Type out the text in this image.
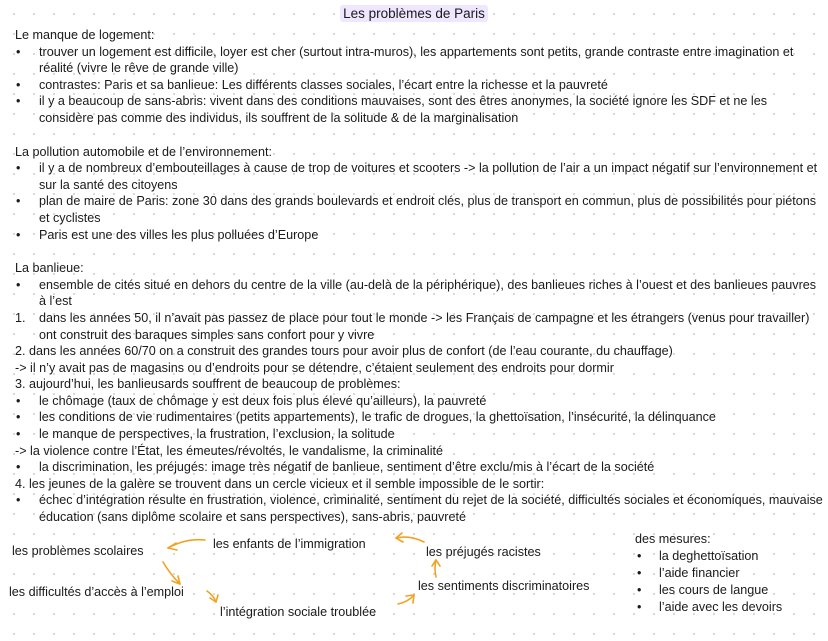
Les problèmes de Paris
Le manque de logement:
• trouver un logement est difficile, loyer est cher (surtout intra-muros), les appartements sont petits, grande contraste entre imagination et réalité (vivre le rêve de grande ville)
• contrastes: Paris et sa banlieue: Les différents classes sociales, l’écart entre la richesse et la pauvreté
• il y a beaucoup de sans-abris: vivent dans des conditions mauvaises, sont des êtres anonymes, la société ignore les SDF et ne les considère pas comme des individus, ils souffrent de la solitude & de la marginalisation
La pollution automobile et de l’environnement:
• il y a de nombreux d’embouteillages à cause de trop de voitures et scooters -> la pollution de l’air a un impact négatif sur l’environnement et sur la santé des citoyens
• plan de maire de Paris: zone 30 dans des grands boulevards et endroit clés, plus de transport en commun, plus de possibilités pour piétons et cyclistes
• Paris est une des villes les plus polluées d’Europe
La banlieue:
• ensemble de cités situé en dehors du centre de la ville (au-delà de la périphérique), des banlieues riches à l’ouest et des banlieues pauvres à l’est
1. dans les années 50, il n’avait pas passez de place pour tout le monde -> les Français de campagne et les étrangers (venus pour travailler) ont construit des baraques simples sans confort pour y vivre
2. dans les années 60/70 on a construit des grandes tours pour avoir plus de confort (de l’eau courante, du chauffage)
-> il n’y avait pas de magasins ou d’endroits pour se détendre, c’étaient seulement des endroits pour dormir
3. aujourd’hui, les banlieusards souffrent de beaucoup de problèmes:
• le chômage (taux de chômage y est deux fois plus élevé qu’ailleurs), la pauvreté
• les conditions de vie rudimentaires (petits appartements), le trafic de drogues, la ghettoïsation, l’insécurité, la délinquance
• le manque de perspectives, la frustration, l’exclusion, la solitude
-> la violence contre l’État, les émeutes/révoltés, le vandalisme, la criminalité
• la discrimination, les préjugés: image très négatif de banlieue, sentiment d’être exclu/mis à l’écart de la société
4. les jeunes de la galère se trouvent dans un cercle vicieux et il semble impossible de le sortir:
• échec d’intégration résulte en frustration, violence, criminalité, sentiment du rejet de la société, difficultés sociales et économiques, mauvaise éducation (sans diplôme scolaire et sans perspectives), sans-abris, pauvreté
les enfants de l’immigration
les problèmes scolaires	les préjugés racistes
les difficultés d’accès à l’emploi	les sentiments discriminatoires
l’intégration sociale troublée
des mesures:
• la deghettoïsation
• l’aide financier
• les cours de langue
• l’aide avec les devoirs
